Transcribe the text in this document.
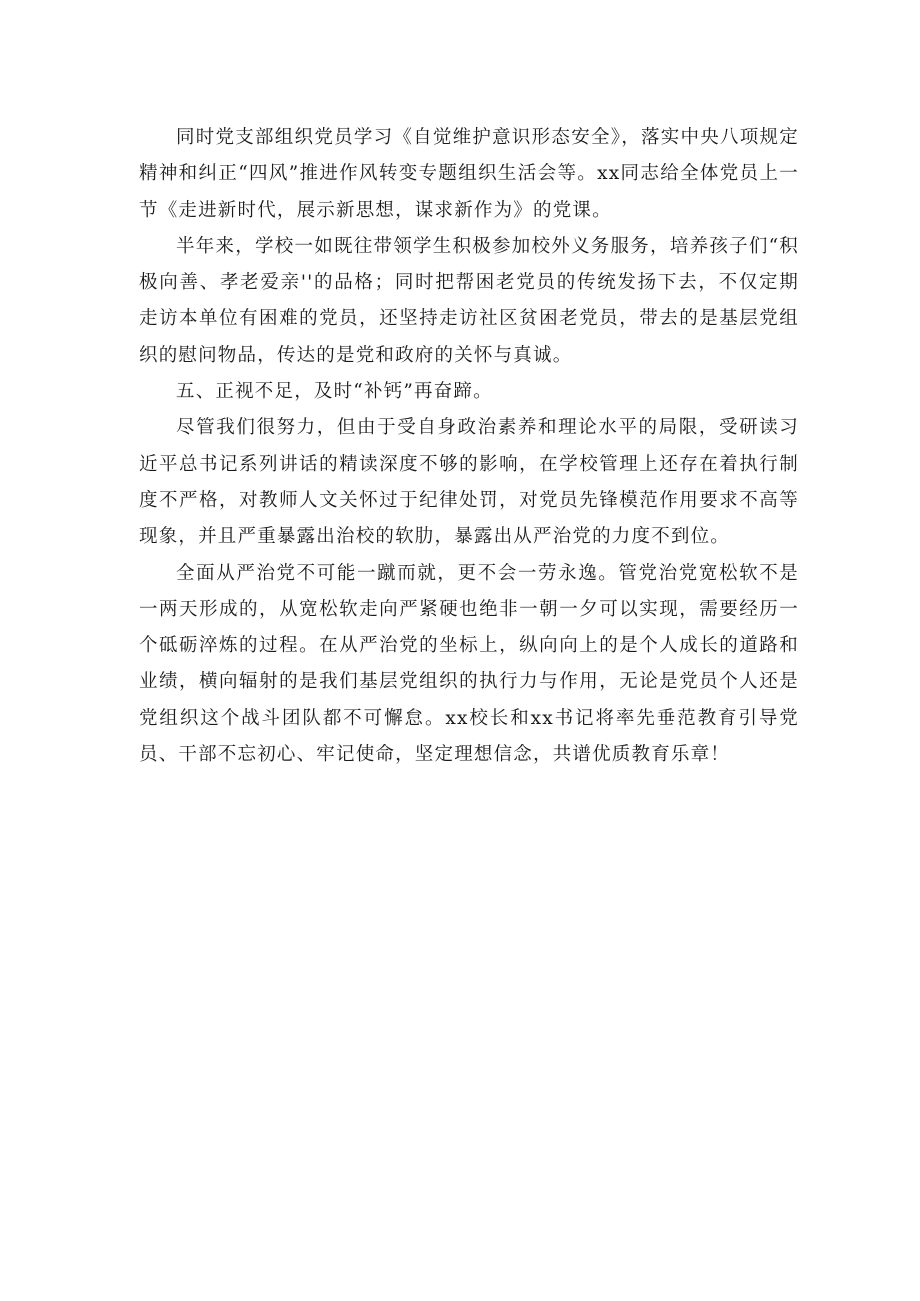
同时党支部组织党员学习《自觉维护意识形态安全》，落实中央八项规定精神和纠正“四风”推进作风转变专题组织生活会等。xx同志给全体党员上一节《走进新时代，展示新思想，谋求新作为》的党课。

半年来，学校一如既往带领学生积极参加校外义务服务，培养孩子们“积极向善、孝老爱亲''的品格；同时把帮困老党员的传统发扬下去，不仅定期走访本单位有困难的党员，还坚持走访社区贫困老党员，带去的是基层党组织的慰问物品，传达的是党和政府的关怀与真诚。

五、正视不足，及时“补钙”再奋蹄。

尽管我们很努力，但由于受自身政治素养和理论水平的局限，受研读习近平总书记系列讲话的精读深度不够的影响，在学校管理上还存在着执行制度不严格，对教师人文关怀过于纪律处罚，对党员先锋模范作用要求不高等现象，并且严重暴露出治校的软肋，暴露出从严治党的力度不到位。

全面从严治党不可能一蹴而就，更不会一劳永逸。管党治党宽松软不是一两天形成的，从宽松软走向严紧硬也绝非一朝一夕可以实现，需要经历一个砥砺淬炼的过程。在从严治党的坐标上，纵向向上的是个人成长的道路和业绩，横向辐射的是我们基层党组织的执行力与作用，无论是党员个人还是党组织这个战斗团队都不可懈怠。xx校长和xx书记将率先垂范教育引导党员、干部不忘初心、牢记使命，坚定理想信念，共谱优质教育乐章！
